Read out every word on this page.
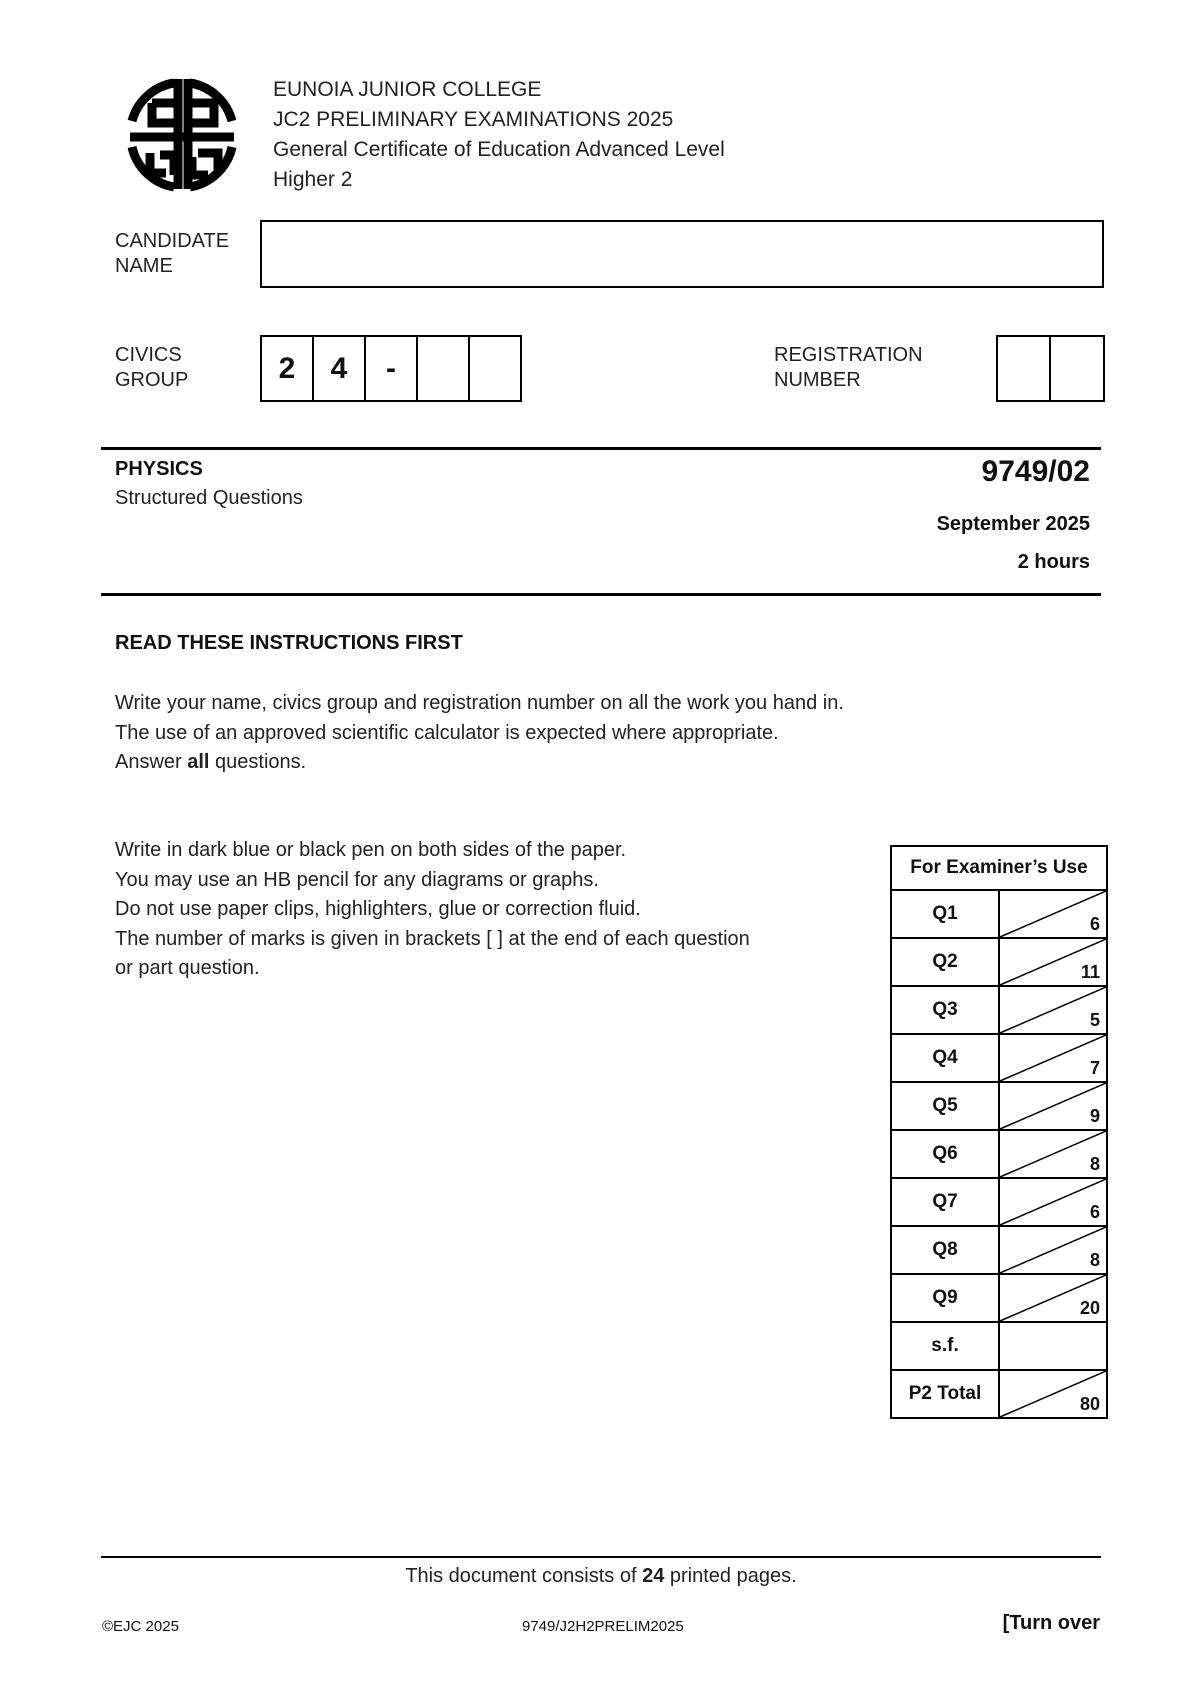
EUNOIA JUNIOR COLLEGE
JC2 PRELIMINARY EXAMINATIONS 2025
General Certificate of Education Advanced Level
Higher 2
CANDIDATE
NAME
CIVICS
GROUP	2	4	-	REGISTRATION
NUMBER
PHYSICS
Structured Questions
9749/02
September 2025
2 hours
READ THESE INSTRUCTIONS FIRST

Write your name, civics group and registration number on all the work you hand in.

The use of an approved scientific calculator is expected where appropriate.

Answer all questions.

Write in dark blue or black pen on both sides of the paper.

You may use an HB pencil for any diagrams or graphs.

Do not use paper clips, highlighters, glue or correction fluid.

The number of marks is given in brackets [ ] at the end of each question

or part question.

For Examiner’s Use	
Q1	6

Q2	11

Q3	5

Q4	7

Q5	9

Q6	8

Q7	6

Q8	8

Q9	20

s.f.	
P2 Total	80
This document consists of 24 printed pages.
©EJC 2025	9749/J2H2PRELIM2025	[Turn over
